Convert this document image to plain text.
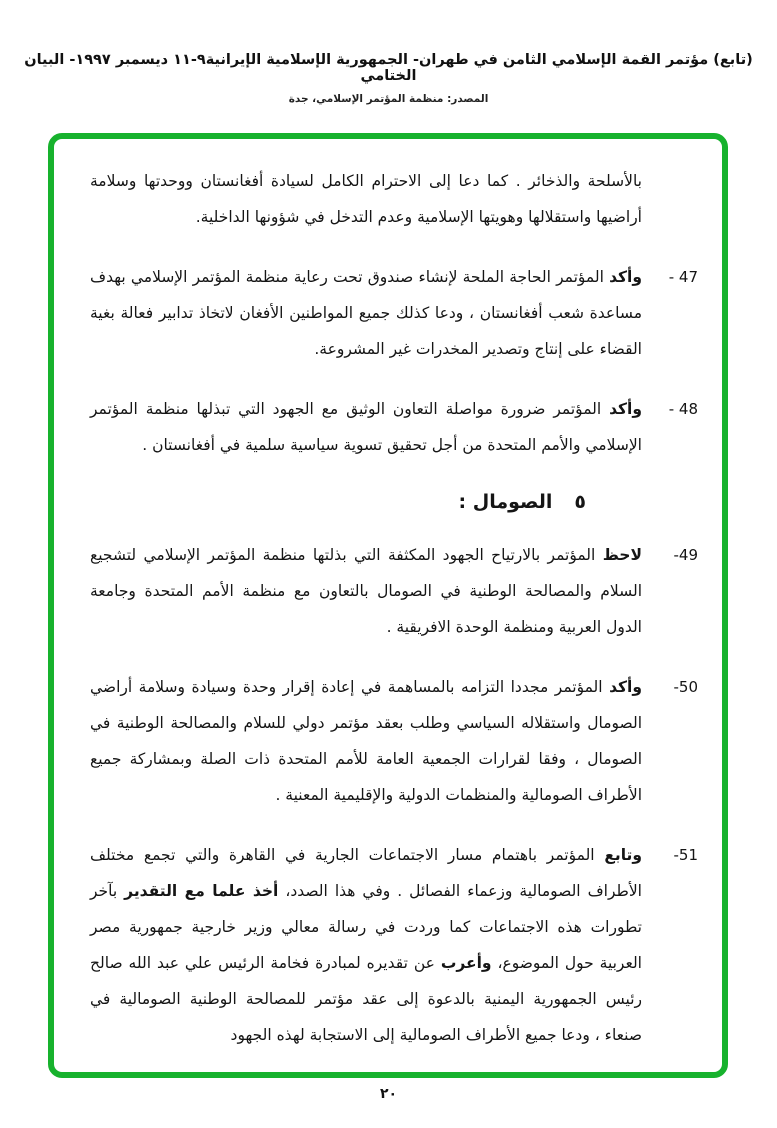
(تابع) مؤتمر القمة الإسلامي الثامن في طهران- الجمهورية الإسلامية الإيرانية٩-١١ ديسمبر ١٩٩٧- البيان الختامي
المصدر: منظمة المؤتمر الإسلامي، جدة

بالأسلحة والذخائر . كما دعا إلى الاحترام الكامل لسيادة أفغانستان ووحدتها وسلامة أراضيها واستقلالها وهويتها الإسلامية وعدم التدخل في شؤونها الداخلية.

47 -
وأكد المؤتمر الحاجة الملحة لإنشاء صندوق تحت رعاية منظمة المؤتمر الإسلامي بهدف مساعدة شعب أفغانستان ، ودعا كذلك جميع المواطنين الأفغان لاتخاذ تدابير فعالة بغية القضاء على إنتاج وتصدير المخدرات غير المشروعة.
48 -
وأكد المؤتمر ضرورة مواصلة التعاون الوثيق مع الجهود التي تبذلها منظمة المؤتمر الإسلامي والأمم المتحدة من أجل تحقيق تسوية سياسية سلمية في أفغانستان .
٥
الصومال :
49-
لاحظ المؤتمر بالارتياح الجهود المكثفة التي بذلتها منظمة المؤتمر الإسلامي لتشجيع السلام والمصالحة الوطنية في الصومال بالتعاون مع منظمة الأمم المتحدة وجامعة الدول العربية ومنظمة الوحدة الافريقية .
50-
وأكد المؤتمر مجددا التزامه بالمساهمة في إعادة إقرار وحدة وسيادة وسلامة أراضي الصومال واستقلاله السياسي وطلب بعقد مؤتمر دولي للسلام والمصالحة الوطنية في الصومال ، وفقا لقرارات الجمعية العامة للأمم المتحدة ذات الصلة وبمشاركة جميع الأطراف الصومالية والمنظمات الدولية والإقليمية المعنية .
51-
وتابع المؤتمر باهتمام مسار الاجتماعات الجارية في القاهرة والتي تجمع مختلف الأطراف الصومالية وزعماء الفصائل . وفي هذا الصدد، أخذ علما مع التقدير بآخر تطورات هذه الاجتماعات كما وردت في رسالة معالي وزير خارجية جمهورية مصر العربية حول الموضوع، وأعرب عن تقديره لمبادرة فخامة الرئيس علي عبد الله صالح رئيس الجمهورية اليمنية بالدعوة إلى عقد مؤتمر للمصالحة الوطنية الصومالية في صنعاء ، ودعا جميع الأطراف الصومالية إلى الاستجابة لهذه الجهود
٢٠
